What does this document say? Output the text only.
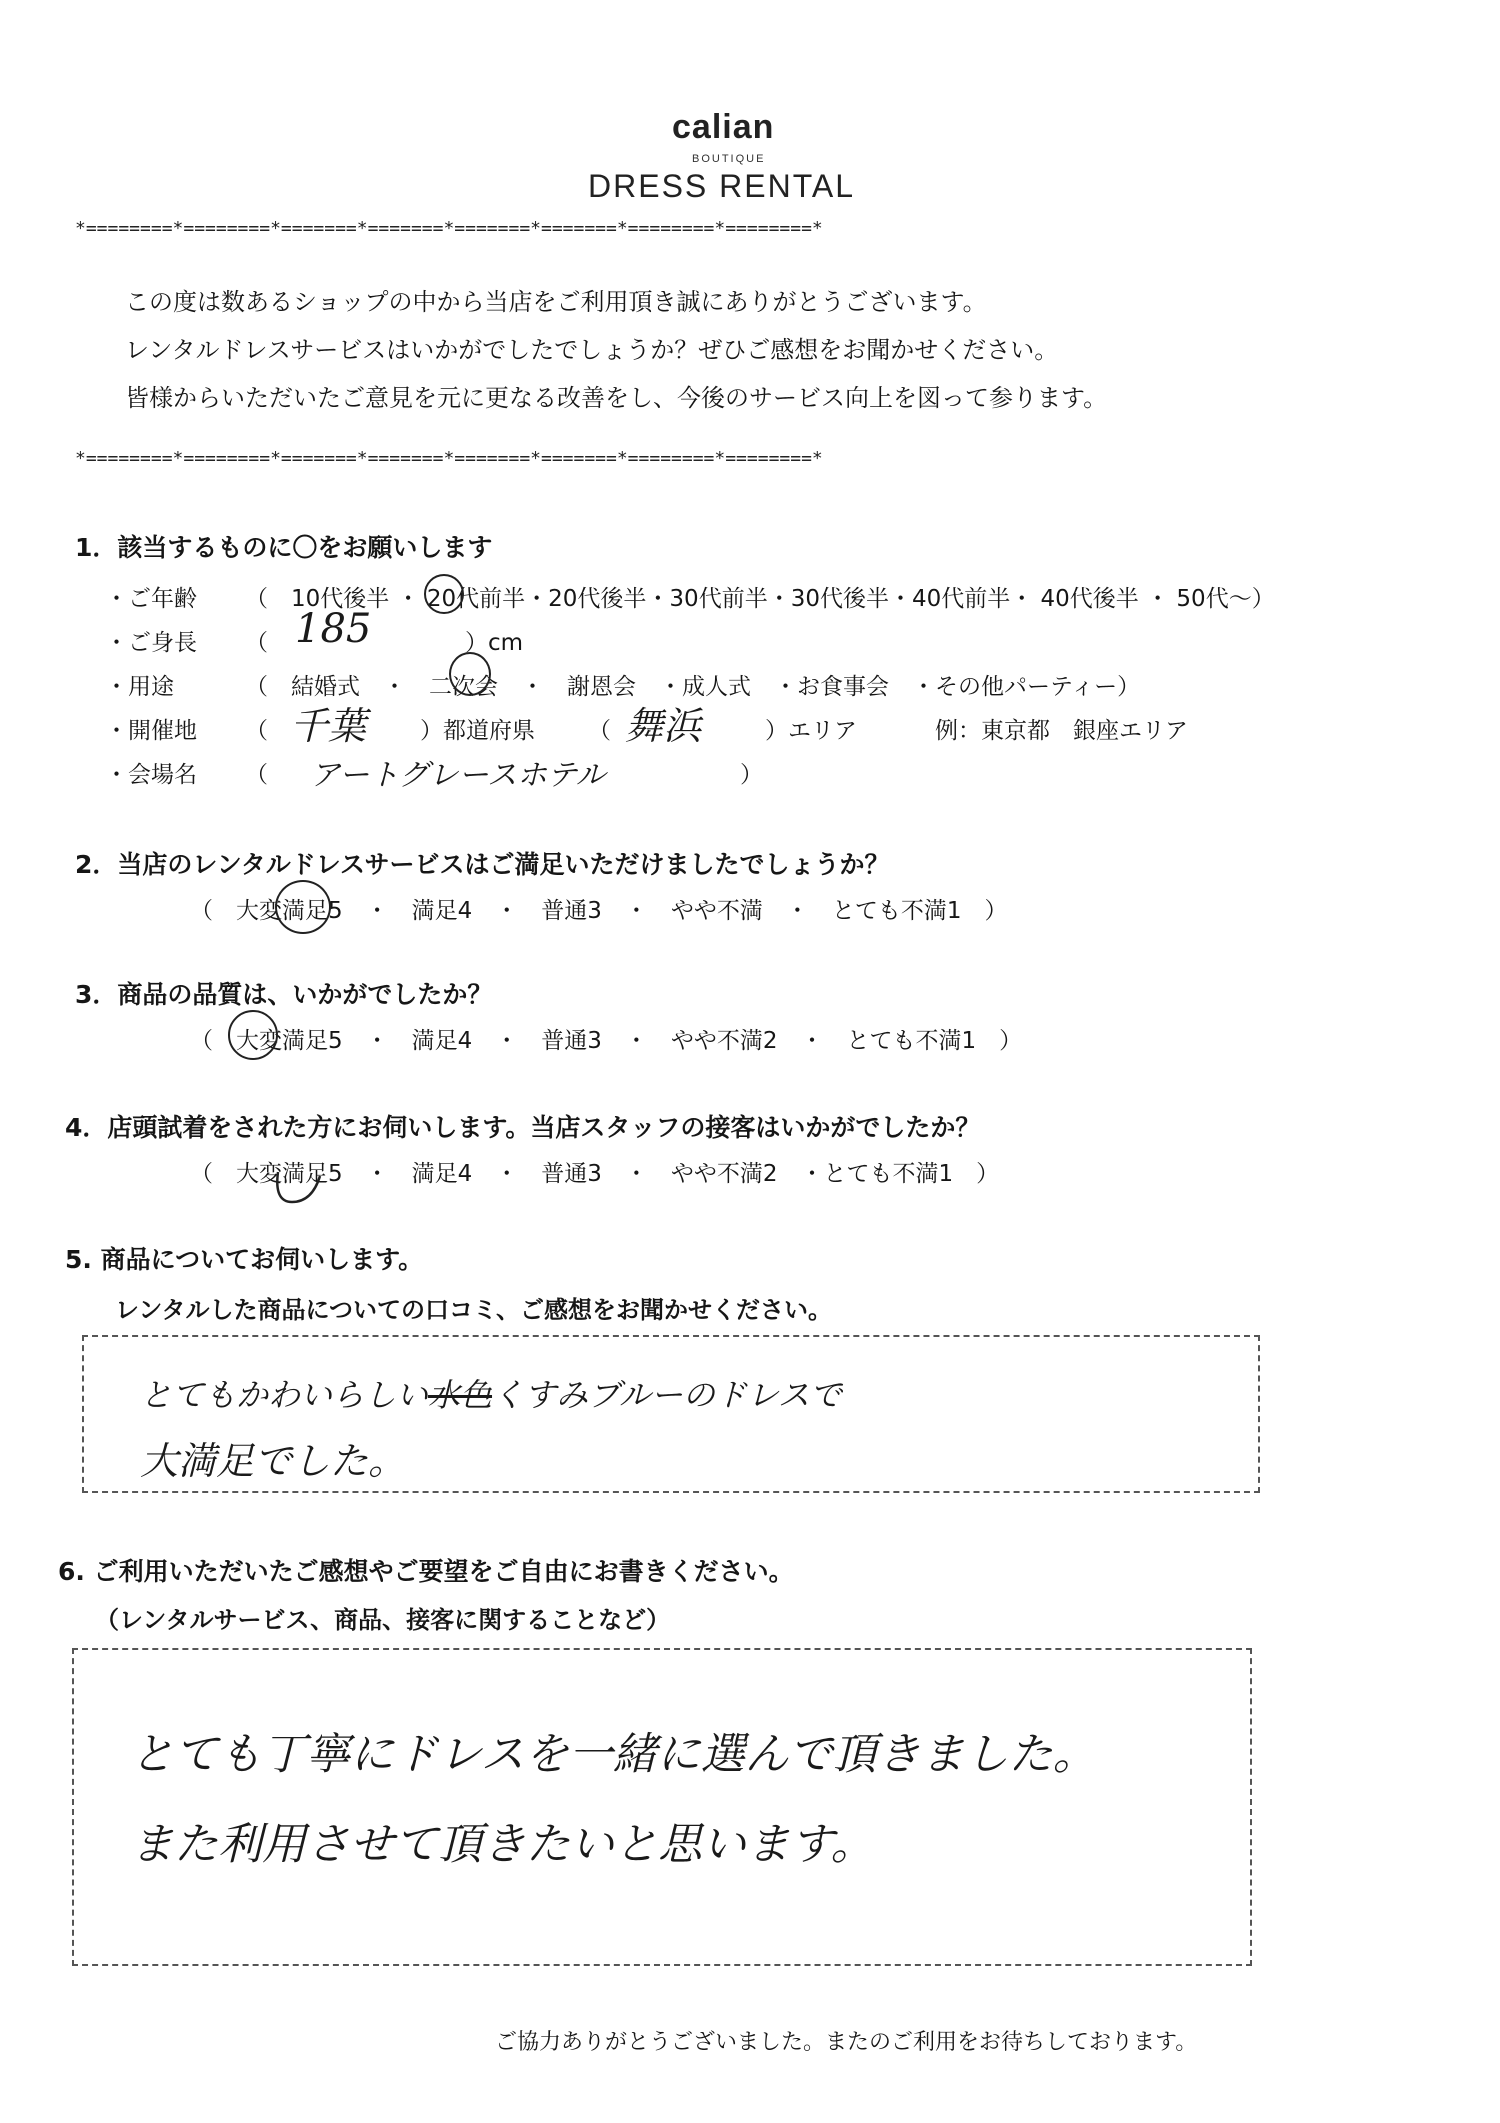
calian
BOUTIQUE
DRESS RENTAL
*========*========*=======*=======*=======*=======*========*========*
この度は数あるショップの中から当店をご利用頂き誠にありがとうございます。
レンタルドレスサービスはいかがでしたでしょうか？ぜひご感想をお聞かせください。
皆様からいただいたご意見を元に更なる改善をし、今後のサービス向上を図って参ります。
*========*========*=======*=======*=======*=======*========*========*
1．該当するものに〇をお願いします
・ご年齢 （　10代後半 ・ 20代前半・20代後半・30代前半・30代後半・40代前半・ 40代後半 ・ 50代～）
・ご身長 （ 185	）cm
・用途	（　結婚式　・　二次会　・　謝恩会　・成人式　・お食事会　・その他パーティー）
・開催地 （ 千葉 ）都道府県 （ 舞浜	）エリア	例：東京都　銀座エリア
・会場名 （ アートグレースホテル	）
2．当店のレンタルドレスサービスはご満足いただけましたでしょうか？
（　大変満足5　・　満足4　・　普通3　・　やや不満　・　とても不満1　）
3．商品の品質は、いかがでしたか？
（　大変満足5　・　満足4　・　普通3　・　やや不満2　・　とても不満1　）
4．店頭試着をされた方にお伺いします。当店スタッフの接客はいかがでしたか？
（　大変満足5　・　満足4　・　普通3　・　やや不満2　・とても不満1　）
5. 商品についてお伺いします。
レンタルした商品についての口コミ、ご感想をお聞かせください。
とてもかわいらしい水色くすみブルーのドレスで
大満足でした。
6. ご利用いただいたご感想やご要望をご自由にお書きください。
（レンタルサービス、商品、接客に関することなど）
とても丁寧にドレスを一緒に選んで頂きました。
また利用させて頂きたいと思います。
ご協力ありがとうございました。またのご利用をお待ちしております。
